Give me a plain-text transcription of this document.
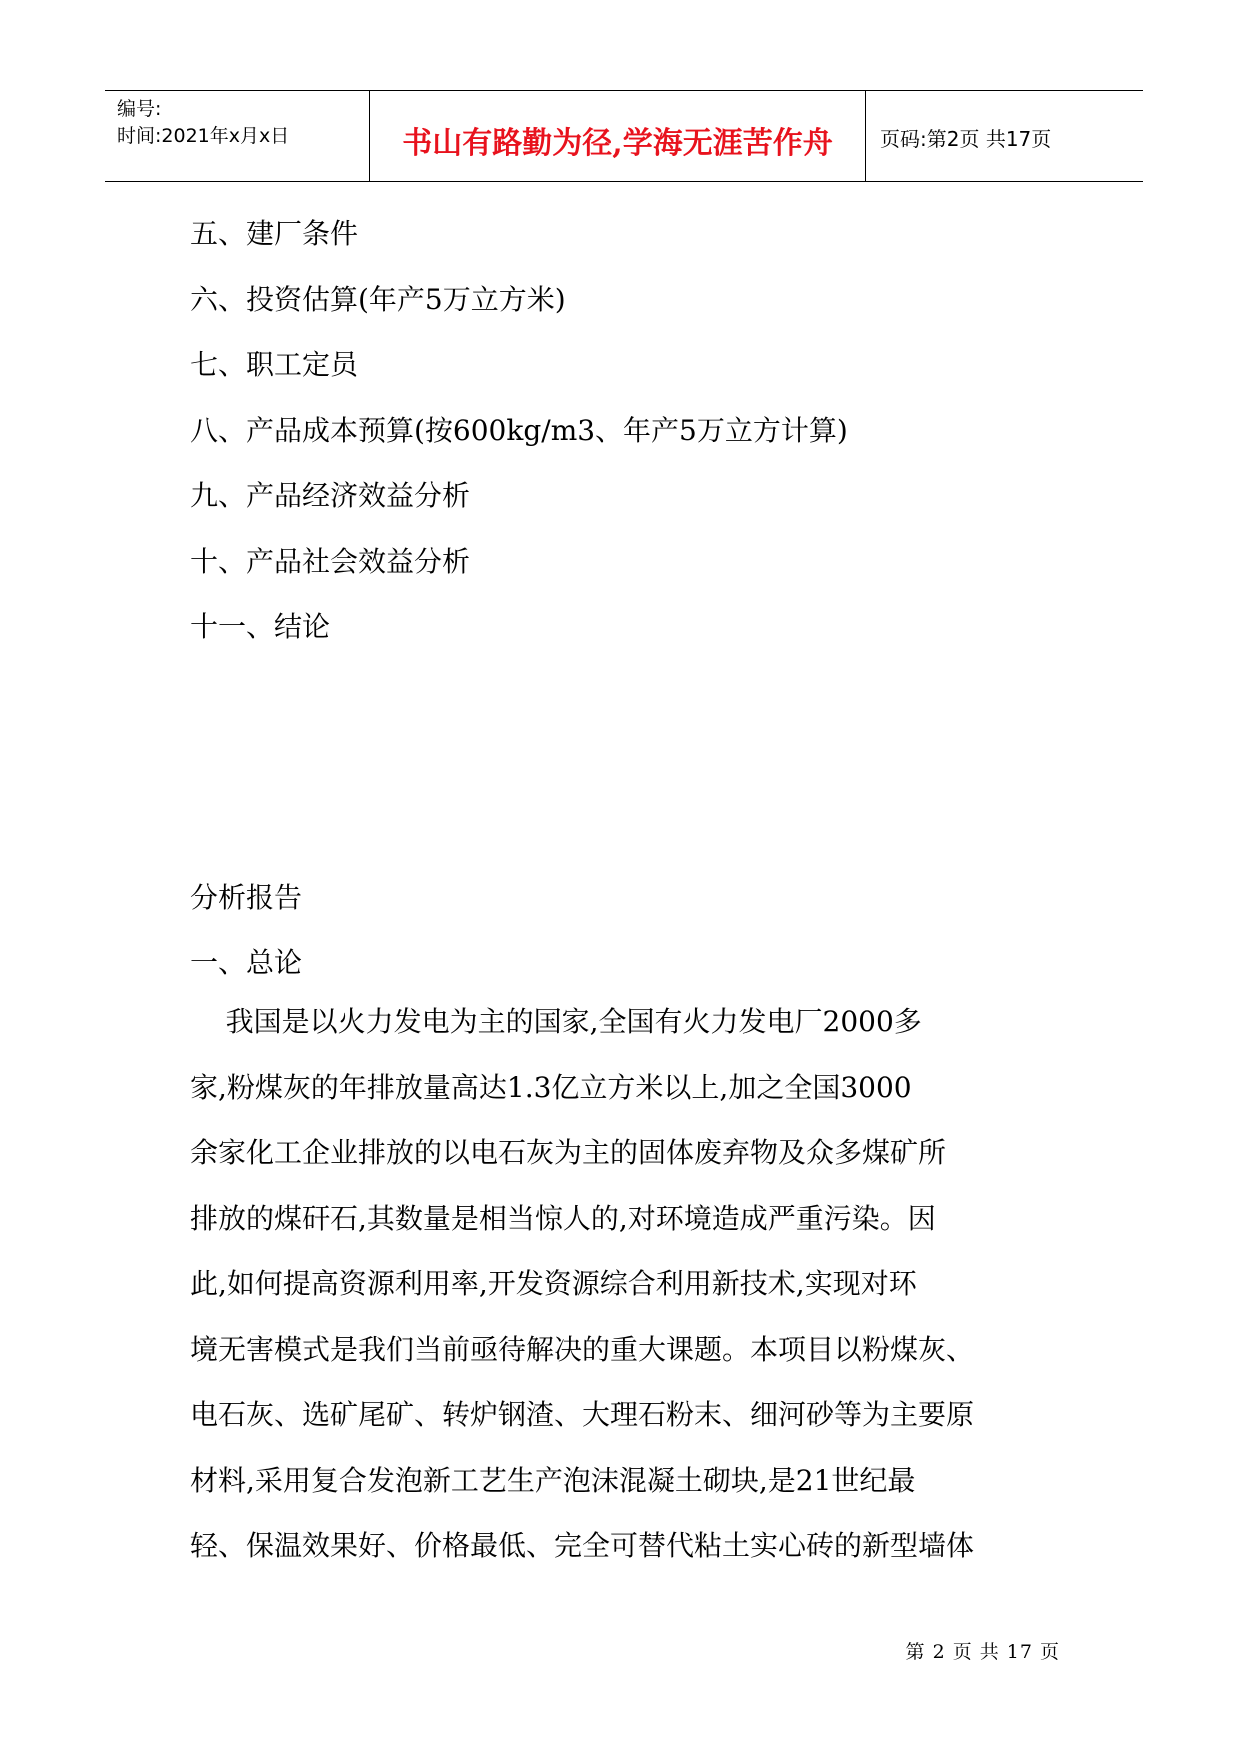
编号:
时间:2021年x月x日	书山有路勤为径,学海无涯苦作舟	页码:第2页 共17页
五、建厂条件
六、投资估算(年产5万立方米)
七、职工定员
八、产品成本预算(按600kg/m3、年产5万立方计算)
九、产品经济效益分析
十、产品社会效益分析
十一、结论
分析报告
一、总论
我国是以火力发电为主的国家,全国有火力发电厂2000多
家,粉煤灰的年排放量高达1.3亿立方米以上,加之全国3000
余家化工企业排放的以电石灰为主的固体废弃物及众多煤矿所
排放的煤矸石,其数量是相当惊人的,对环境造成严重污染。因
此,如何提高资源利用率,开发资源综合利用新技术,实现对环
境无害模式是我们当前亟待解决的重大课题。本项目以粉煤灰、
电石灰、选矿尾矿、转炉钢渣、大理石粉末、细河砂等为主要原
材料,采用复合发泡新工艺生产泡沫混凝土砌块,是21世纪最
轻、保温效果好、价格最低、完全可替代粘土实心砖的新型墙体
第 2 页 共 17 页
